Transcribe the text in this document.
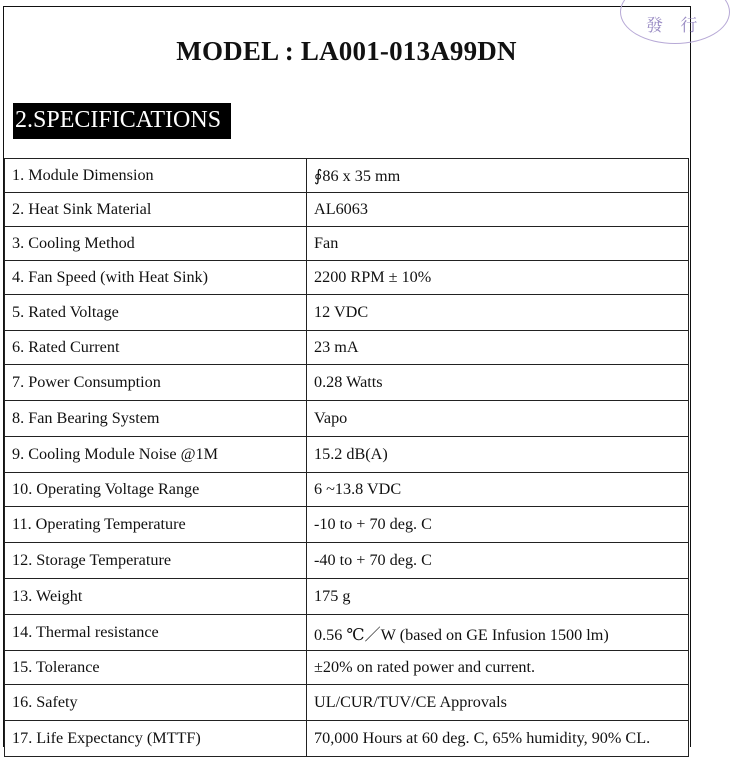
發 行
MODEL : LA001-013A99DN
2.SPECIFICATIONS
1. Module Dimension	∮86 x 35 mm
2. Heat Sink Material	AL6063
3. Cooling Method	Fan
4. Fan Speed (with Heat Sink)	2200 RPM ± 10%
5. Rated Voltage	12 VDC
6. Rated Current	23 mA
7. Power Consumption	0.28 Watts
8. Fan Bearing System	Vapo
9. Cooling Module Noise @1M	15.2 dB(A)
10. Operating Voltage Range	6 ~13.8 VDC
11. Operating Temperature	-10 to + 70 deg. C
12. Storage Temperature	-40 to + 70 deg. C
13. Weight	175 g
14. Thermal resistance	0.56 ℃／W (based on GE Infusion 1500 lm)
15. Tolerance	±20% on rated power and current.
16. Safety	UL/CUR/TUV/CE Approvals
17. Life Expectancy (MTTF)	70,000 Hours at 60 deg. C, 65% humidity, 90% CL.
